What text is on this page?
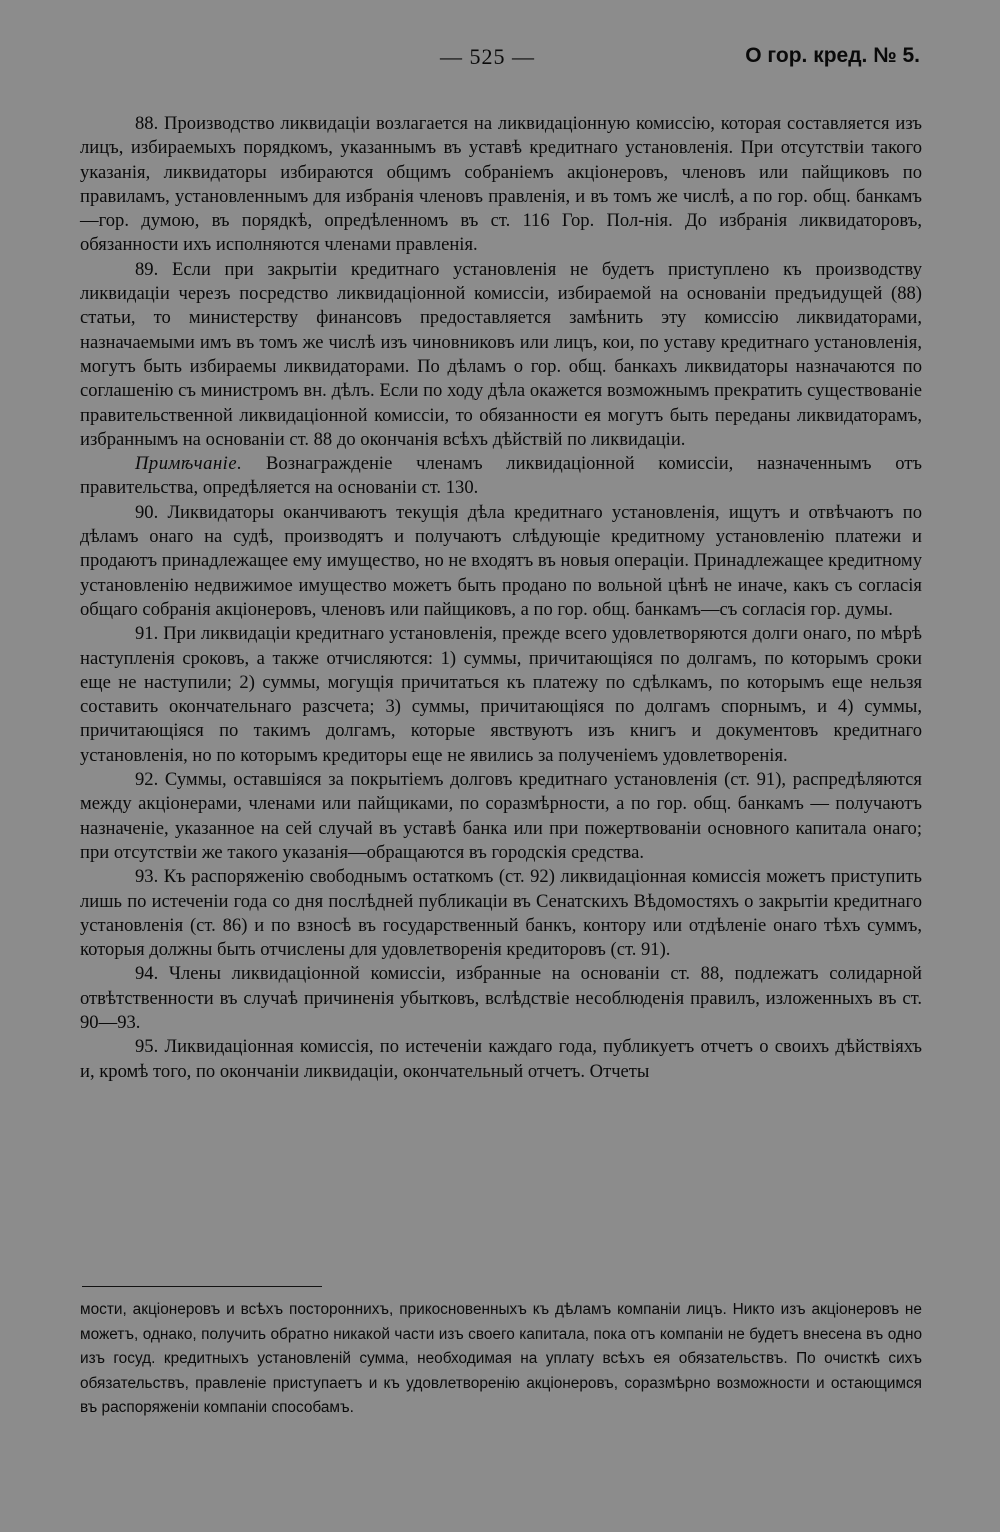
— 525 —	О гор. кред. № 5.

88. Производство ликвидаціи возлагается на ликвидаціонную комиссію, которая составляется изъ лицъ, избираемыхъ порядкомъ, указаннымъ въ уставѣ кредитнаго установленія. При отсутствіи такого указанія, ликвидаторы избираются общимъ собраніемъ акціонеровъ, членовъ или пайщиковъ по правиламъ, установленнымъ для избранія членовъ правленія, и въ томъ же числѣ, а по гор. общ. банкамъ—гор. думою, въ порядкѣ, опредѣленномъ въ ст. 116 Гор. Пол-нія. До избранія ликвидаторовъ, обязанности ихъ исполняются членами правленія.

89. Если при закрытіи кредитнаго установленія не будетъ приступлено къ производству ликвидаціи черезъ посредство ликвидаціонной комиссіи, избираемой на основаніи предъидущей (88) статьи, то министерству финансовъ предоставляется замѣнить эту комиссію ликвидаторами, назначаемыми имъ въ томъ же числѣ изъ чиновниковъ или лицъ, кои, по уставу кредитнаго установленія, могутъ быть избираемы ликвидаторами. По дѣламъ о гор. общ. банкахъ ликвидаторы назначаются по соглашенію съ министромъ вн. дѣлъ. Если по ходу дѣла окажется возможнымъ прекратить существованіе правительственной ликвидаціонной комиссіи, то обязанности ея могутъ быть переданы ликвидаторамъ, избраннымъ на основаніи ст. 88 до окончанія всѣхъ дѣйствій по ликвидаціи.

Примѣчаніе. Вознагражденіе членамъ ликвидаціонной комиссіи, назначеннымъ отъ правительства, опредѣляется на основаніи ст. 130.

90. Ликвидаторы оканчиваютъ текущія дѣла кредитнаго установленія, ищутъ и отвѣчаютъ по дѣламъ онаго на судѣ, производятъ и получаютъ слѣдующіе кредитному установленію платежи и продаютъ принадлежащее ему имущество, но не входятъ въ новыя операціи. Принадлежащее кредитному установленію недвижимое имущество можетъ быть продано по вольной цѣнѣ не иначе, какъ съ согласія общаго собранія акціонеровъ, членовъ или пайщиковъ, а по гор. общ. банкамъ—съ согласія гор. думы.

91. При ликвидаціи кредитнаго установленія, прежде всего удовлетворяются долги онаго, по мѣрѣ наступленія сроковъ, а также отчисляются: 1) суммы, причитающіяся по долгамъ, по которымъ сроки еще не наступили; 2) суммы, могущія причитаться къ платежу по сдѣлкамъ, по которымъ еще нельзя составить окончательнаго разсчета; 3) суммы, причитающіяся по долгамъ спорнымъ, и 4) суммы, причитающіяся по такимъ долгамъ, которые явствуютъ изъ книгъ и документовъ кредитнаго установленія, но по которымъ кредиторы еще не явились за полученіемъ удовлетворенія.

92. Суммы, оставшіяся за покрытіемъ долговъ кредитнаго установленія (ст. 91), распредѣляются между акціонерами, членами или пайщиками, по соразмѣрности, а по гор. общ. банкамъ — получаютъ назначеніе, указанное на сей случай въ уставѣ банка или при пожертвованіи основного капитала онаго; при отсутствіи же такого указанія—обращаются въ городскія средства.

93. Къ распоряженію свободнымъ остаткомъ (ст. 92) ликвидаціонная комиссія можетъ приступить лишь по истеченіи года со дня послѣдней публикаціи въ Сенатскихъ Вѣдомостяхъ о закрытіи кредитнаго установленія (ст. 86) и по взносѣ въ государственный банкъ, контору или отдѣленіе онаго тѣхъ суммъ, которыя должны быть отчислены для удовлетворенія кредиторовъ (ст. 91).

94. Члены ликвидаціонной комиссіи, избранные на основаніи ст. 88, подлежатъ солидарной отвѣтственности въ случаѣ причиненія убытковъ, вслѣдствіе несоблюденія правилъ, изложенныхъ въ ст. 90—93.

95. Ликвидаціонная комиссія, по истеченіи каждаго года, публикуетъ отчетъ о своихъ дѣйствіяхъ и, кромѣ того, по окончаніи ликвидаціи, окончательный отчетъ. Отчеты

мости, акціонеровъ и всѣхъ постороннихъ, прикосновенныхъ къ дѣламъ компаніи лицъ. Никто изъ акціонеровъ не можетъ, однако, получить обратно никакой части изъ своего капитала, пока отъ компаніи не будетъ внесена въ одно изъ госуд. кредитныхъ установленій сумма, необходимая на уплату всѣхъ ея обязательствъ. По очисткѣ сихъ обязательствъ, правленіе приступаетъ и къ удовлетворенію акціонеровъ, соразмѣрно возможности и остающимся въ распоряженіи компаніи способамъ.
